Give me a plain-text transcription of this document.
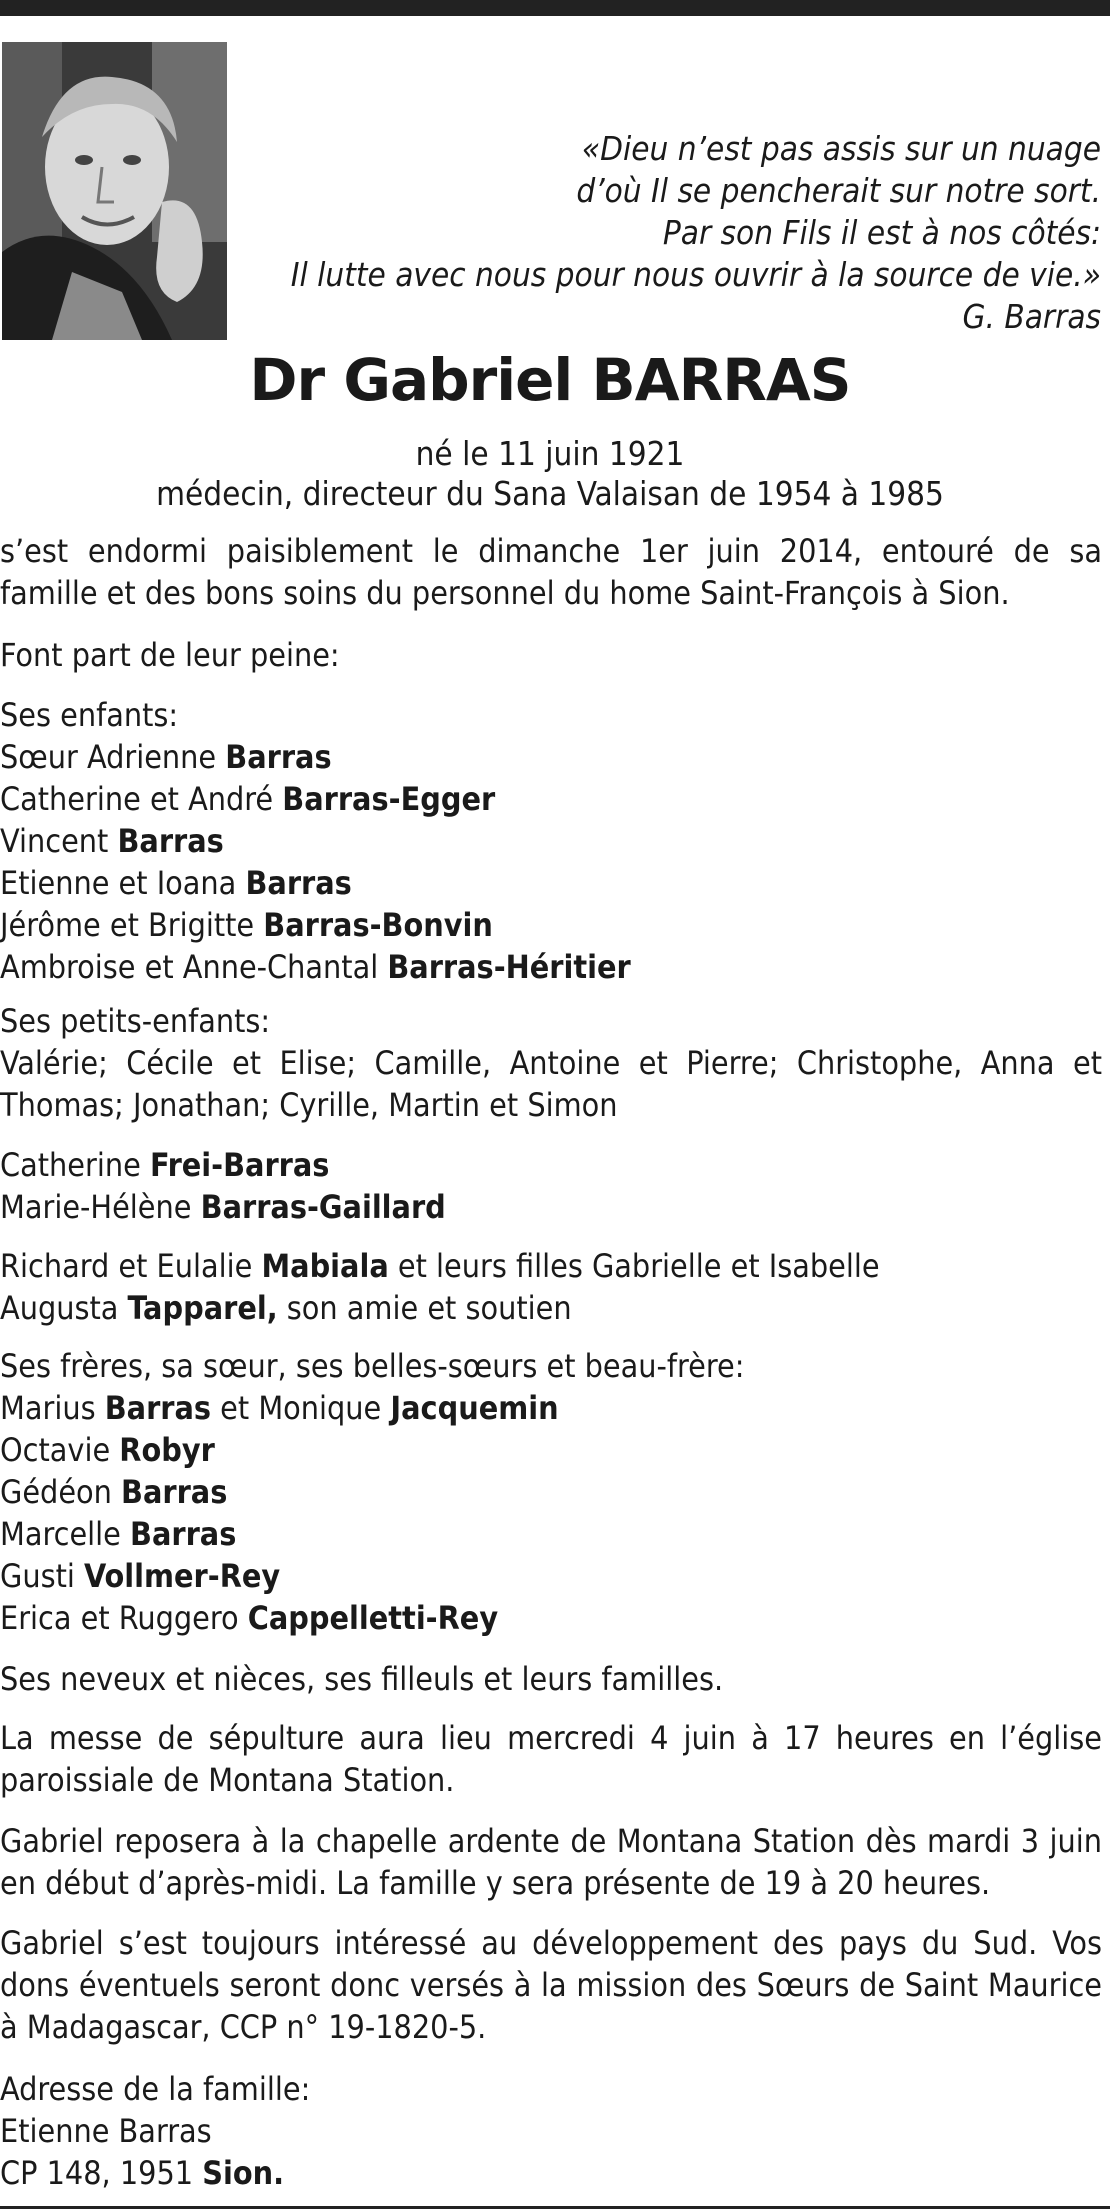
«Dieu n’est pas assis sur un nuage
d’où Il se pencherait sur notre sort.
Par son Fils il est à nos côtés:
Il lutte avec nous pour nous ouvrir à la source de vie.»
G. Barras
Dr Gabriel BARRAS
né le 11 juin 1921
médecin, directeur du Sana Valaisan de 1954 à 1985
s’est endormi paisiblement le dimanche 1er juin 2014, entouré de sa famille et des bons soins du personnel du home Saint-François à Sion.
Font part de leur peine:
Ses enfants:
Sœur Adrienne Barras
Catherine et André Barras-Egger
Vincent Barras
Etienne et Ioana Barras
Jérôme et Brigitte Barras-Bonvin
Ambroise et Anne-Chantal Barras-Héritier
Ses petits-enfants:
Valérie; Cécile et Elise; Camille, Antoine et Pierre; Christophe, Anna et Thomas; Jonathan; Cyrille, Martin et Simon
Catherine Frei-Barras
Marie-Hélène Barras-Gaillard
Richard et Eulalie Mabiala et leurs filles Gabrielle et Isabelle
Augusta Tapparel, son amie et soutien
Ses frères, sa sœur, ses belles-sœurs et beau-frère:
Marius Barras et Monique Jacquemin
Octavie Robyr
Gédéon Barras
Marcelle Barras
Gusti Vollmer-Rey
Erica et Ruggero Cappelletti-Rey
Ses neveux et nièces, ses filleuls et leurs familles.
La messe de sépulture aura lieu mercredi 4 juin à 17 heures en l’église paroissiale de Montana Station.
Gabriel reposera à la chapelle ardente de Montana Station dès mardi 3 juin en début d’après-midi. La famille y sera présente de 19 à 20 heures.
Gabriel s’est toujours intéressé au développement des pays du Sud. Vos dons éventuels seront donc versés à la mission des Sœurs de Saint Maurice à Madagascar, CCP n° 19-1820-5.
Adresse de la famille:
Etienne Barras
CP 148, 1951 Sion.
